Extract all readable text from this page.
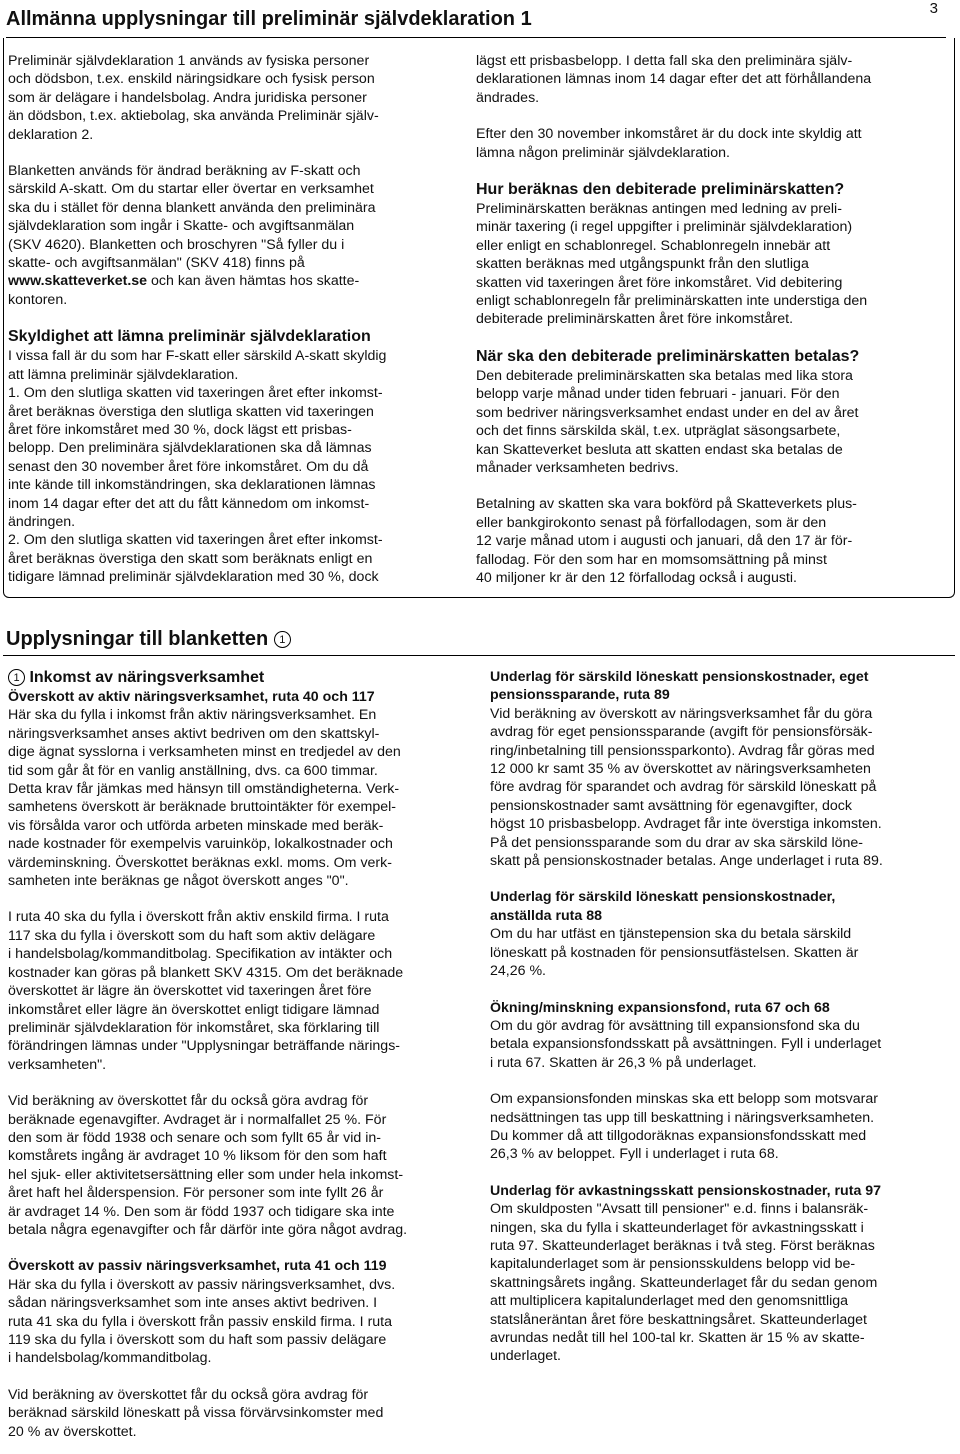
3
Allmänna upplysningar till preliminär självdeklaration 1

Preliminär självdeklaration 1 används av fysiska personer

och dödsbon, t.ex. enskild näringsidkare och fysisk person

som är delägare i handelsbolag. Andra juridiska personer

än dödsbon, t.ex. aktiebolag, ska använda Preliminär själv-

deklaration 2.

Blanketten används för ändrad beräkning av F-skatt och

särskild A-skatt. Om du startar eller övertar en verksamhet

ska du i stället för denna blankett använda den preliminära

självdeklaration som ingår i Skatte- och avgiftsanmälan

(SKV 4620). Blanketten och broschyren "Så fyller du i

skatte- och avgiftsanmälan" (SKV 418) finns på

www.skatteverket.se och kan även hämtas hos skatte-

kontoren.

Skyldighet att lämna preliminär självdeklaration

I vissa fall är du som har F-skatt eller särskild A-skatt skyldig

att lämna preliminär självdeklaration.

1. Om den slutliga skatten vid taxeringen året efter inkomst-

året beräknas överstiga den slutliga skatten vid taxeringen

året före inkomståret med 30 %, dock lägst ett prisbas-

belopp. Den preliminära självdeklarationen ska då lämnas

senast den 30 november året före inkomståret. Om du då

inte kände till inkomständringen, ska deklarationen lämnas

inom 14 dagar efter det att du fått kännedom om inkomst-

ändringen.

2. Om den slutliga skatten vid taxeringen året efter inkomst-

året beräknas överstiga den skatt som beräknats enligt en

tidigare lämnad preliminär självdeklaration med 30 %, dock

lägst ett prisbasbelopp. I detta fall ska den preliminära själv-

deklarationen lämnas inom 14 dagar efter det att förhållandena

ändrades.

Efter den 30 november inkomståret är du dock inte skyldig att

lämna någon preliminär självdeklaration.

Hur beräknas den debiterade preliminärskatten?

Preliminärskatten beräknas antingen med ledning av preli-

minär taxering (i regel uppgifter i preliminär självdeklaration)

eller enligt en schablonregel. Schablonregeln innebär att

skatten beräknas med utgångspunkt från den slutliga

skatten vid taxeringen året före inkomståret. Vid debitering

enligt schablonregeln får preliminärskatten inte understiga den

debiterade preliminärskatten året före inkomståret.

När ska den debiterade preliminärskatten betalas?

Den debiterade preliminärskatten ska betalas med lika stora

belopp varje månad under tiden februari - januari. För den

som bedriver näringsverksamhet endast under en del av året

och det finns särskilda skäl, t.ex. utpräglat säsongsarbete,

kan Skatteverket besluta att skatten endast ska betalas de

månader verksamheten bedrivs.

Betalning av skatten ska vara bokförd på Skatteverkets plus-

eller bankgirokonto senast på förfallodagen, som är den

12 varje månad utom i augusti och januari, då den 17 är för-

fallodag. För den som har en momsomsättning på minst

40 miljoner kr är den 12 förfallodag också i augusti.

Upplysningar till blanketten 1

1 Inkomst av näringsverksamhet

Överskott av aktiv näringsverksamhet, ruta 40 och 117

Här ska du fylla i inkomst från aktiv näringsverksamhet. En

näringsverksamhet anses aktivt bedriven om den skattskyl-

dige ägnat sysslorna i verksamheten minst en tredjedel av den

tid som går åt för en vanlig anställning, dvs. ca 600 timmar.

Detta krav får jämkas med hänsyn till omständigheterna. Verk-

samhetens överskott är beräknade bruttointäkter för exempel-

vis försålda varor och utförda arbeten minskade med beräk-

nade kostnader för exempelvis varuinköp, lokalkostnader och

värdeminskning. Överskottet beräknas exkl. moms. Om verk-

samheten inte beräknas ge något överskott anges "0".

I ruta 40 ska du fylla i överskott från aktiv enskild firma. I ruta

117 ska du fylla i överskott som du haft som aktiv delägare

i handelsbolag/kommanditbolag. Specifikation av intäkter och

kostnader kan göras på blankett SKV 4315. Om det beräknade

överskottet är lägre än överskottet vid taxeringen året före

inkomståret eller lägre än överskottet enligt tidigare lämnad

preliminär självdeklaration för inkomståret, ska förklaring till

förändringen lämnas under "Upplysningar beträffande närings-

verksamheten".

Vid beräkning av överskottet får du också göra avdrag för

beräknade egenavgifter. Avdraget är i normalfallet 25 %. För

den som är född 1938 och senare och som fyllt 65 år vid in-

komstårets ingång är avdraget 10 % liksom för den som haft

hel sjuk- eller aktivitetsersättning eller som under hela inkomst-

året haft hel ålderspension. För personer som inte fyllt 26 år

är avdraget 14 %. Den som är född 1937 och tidigare ska inte

betala några egenavgifter och får därför inte göra något avdrag.

Överskott av passiv näringsverksamhet, ruta 41 och 119

Här ska du fylla i överskott av passiv näringsverksamhet, dvs.

sådan näringsverksamhet som inte anses aktivt bedriven. I

ruta 41 ska du fylla i överskott från passiv enskild firma. I ruta

119 ska du fylla i överskott som du haft som passiv delägare

i handelsbolag/kommanditbolag.

Vid beräkning av överskottet får du också göra avdrag för

beräknad särskild löneskatt på vissa förvärvsinkomster med

20 % av överskottet.

Underlag för särskild löneskatt pensionskostnader, eget

pensionssparande, ruta 89

Vid beräkning av överskott av näringsverksamhet får du göra

avdrag för eget pensionssparande (avgift för pensionsförsäk-

ring/inbetalning till pensionssparkonto). Avdrag får göras med

12 000 kr samt 35 % av överskottet av näringsverksamheten

före avdrag för sparandet och avdrag för särskild löneskatt på

pensionskostnader samt avsättning för egenavgifter, dock

högst 10 prisbasbelopp. Avdraget får inte överstiga inkomsten.

På det pensionssparande som du drar av ska särskild löne-

skatt på pensionskostnader betalas. Ange underlaget i ruta 89.

Underlag för särskild löneskatt pensionskostnader,

anställda ruta 88

Om du har utfäst en tjänstepension ska du betala särskild

löneskatt på kostnaden för pensionsutfästelsen. Skatten är

24,26 %.

Ökning/minskning expansionsfond, ruta 67 och 68

Om du gör avdrag för avsättning till expansionsfond ska du

betala expansionsfondsskatt på avsättningen. Fyll i underlaget

i ruta 67. Skatten är 26,3 % på underlaget.

Om expansionsfonden minskas ska ett belopp som motsvarar

nedsättningen tas upp till beskattning i näringsverksamheten.

Du kommer då att tillgodoräknas expansionsfondsskatt med

26,3 % av beloppet. Fyll i underlaget i ruta 68.

Underlag för avkastningsskatt pensionskostnader, ruta 97

Om skuldposten "Avsatt till pensioner" e.d. finns i balansräk-

ningen, ska du fylla i skatteunderlaget för avkastningsskatt i

ruta 97. Skatteunderlaget beräknas i två steg. Först beräknas

kapitalunderlaget som är pensionsskuldens belopp vid be-

skattningsårets ingång. Skatteunderlaget får du sedan genom

att multiplicera kapitalunderlaget med den genomsnittliga

statslåneräntan året före beskattningsåret. Skatteunderlaget

avrundas nedåt till hel 100-tal kr. Skatten är 15 % av skatte-

underlaget.
